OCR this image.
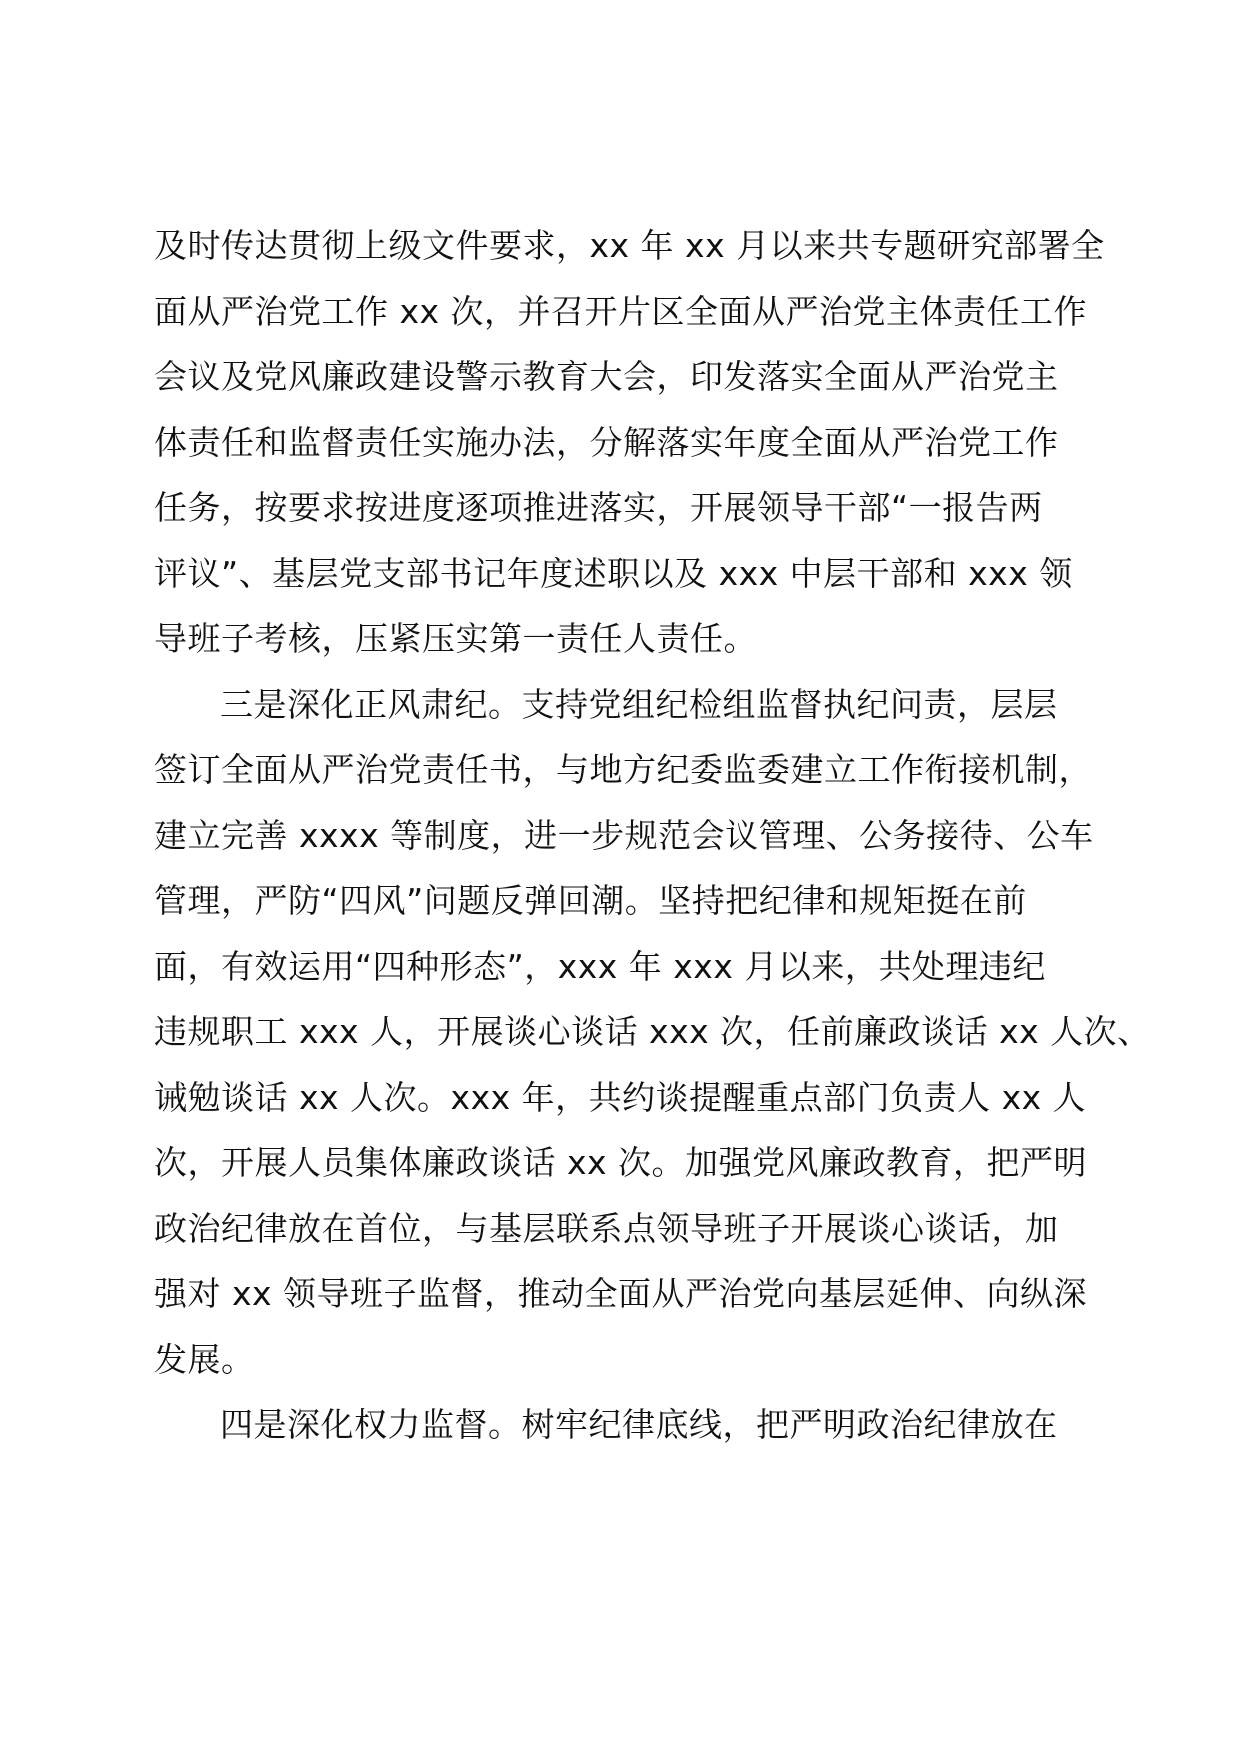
及时传达贯彻上级文件要求，xx 年 xx 月以来共专题研究部署全

面从严治党工作 xx 次，并召开片区全面从严治党主体责任工作

会议及党风廉政建设警示教育大会，印发落实全面从严治党主

体责任和监督责任实施办法，分解落实年度全面从严治党工作

任务，按要求按进度逐项推进落实，开展领导干部“一报告两

评议”、基层党支部书记年度述职以及 xxx 中层干部和 xxx 领

导班子考核，压紧压实第一责任人责任。

三是深化正风肃纪。支持党组纪检组监督执纪问责，层层

签订全面从严治党责任书，与地方纪委监委建立工作衔接机制，

建立完善 xxxx 等制度，进一步规范会议管理、公务接待、公车

管理，严防“四风”问题反弹回潮。坚持把纪律和规矩挺在前

面，有效运用“四种形态”，xxx 年 xxx 月以来，共处理违纪

违规职工 xxx 人，开展谈心谈话 xxx 次，任前廉政谈话 xx 人次、

诫勉谈话 xx 人次。xxx 年，共约谈提醒重点部门负责人 xx 人

次，开展人员集体廉政谈话 xx 次。加强党风廉政教育，把严明

政治纪律放在首位，与基层联系点领导班子开展谈心谈话，加

强对 xx 领导班子监督，推动全面从严治党向基层延伸、向纵深

发展。

四是深化权力监督。树牢纪律底线，把严明政治纪律放在
